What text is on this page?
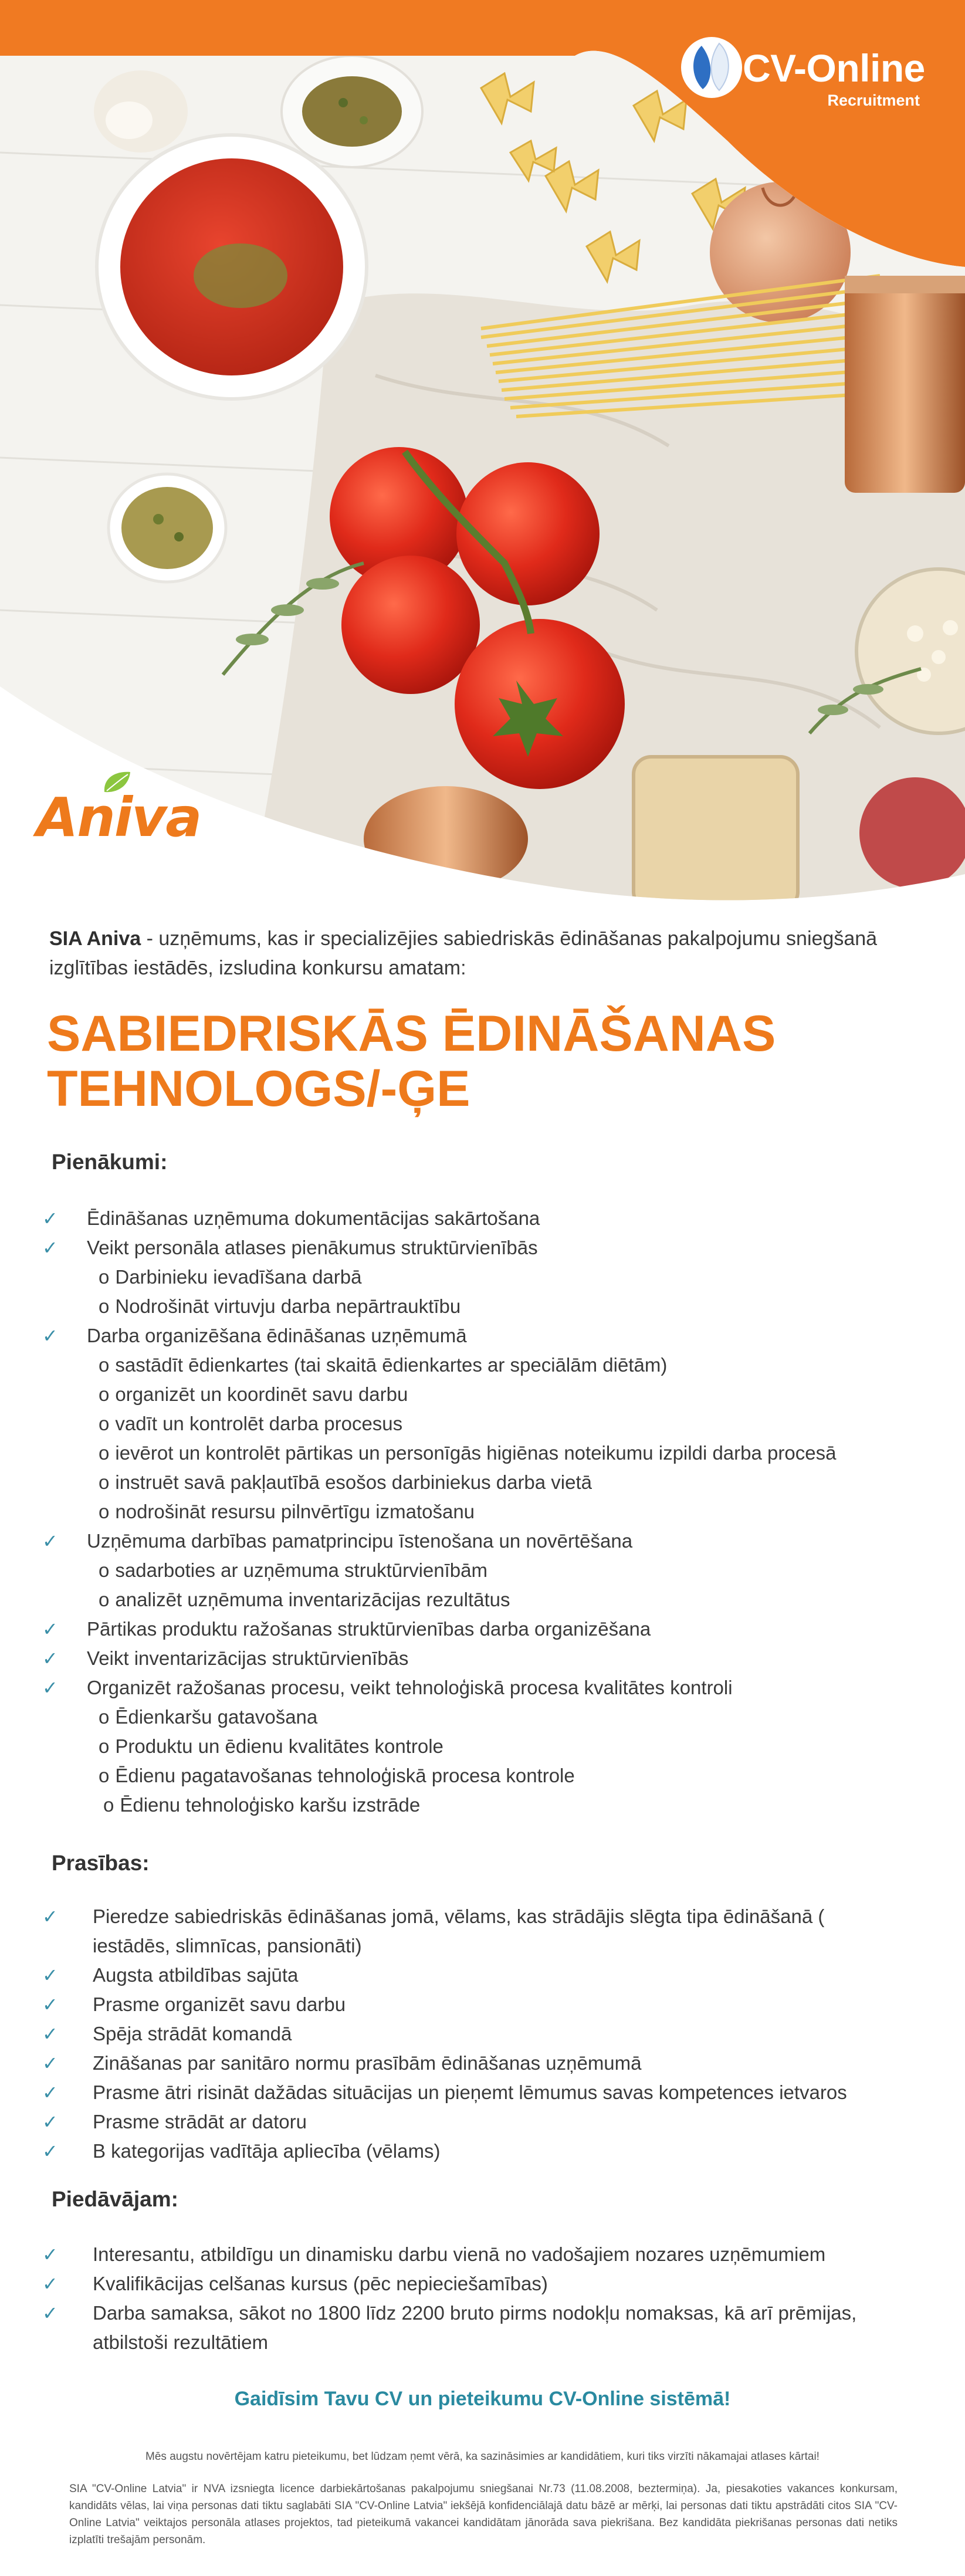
CV-Online
Recruitment
Aniva
SIA Aniva - uzņēmums, kas ir specializējies sabiedriskās ēdināšanas pakalpojumu sniegšanā izglītības iestādēs, izsludina konkursu amatam:
SABIEDRISKĀS ĒDINĀŠANAS
TEHNOLOGS/-ĢE
Pienākumi:
✓	Ēdināšanas uzņēmuma dokumentācijas sakārtošana
✓	Veikt personāla atlases pienākumus struktūrvienībās
o Darbinieku ievadīšana darbā
o Nodrošināt virtuvju darba nepārtrauktību
✓	Darba organizēšana ēdināšanas uzņēmumā
o sastādīt ēdienkartes (tai skaitā ēdienkartes ar speciālām diētām)
o organizēt un koordinēt savu darbu
o vadīt un kontrolēt darba procesus
o ievērot un kontrolēt pārtikas un personīgās higiēnas noteikumu izpildi darba procesā
o instruēt savā pakļautībā esošos darbiniekus darba vietā
o nodrošināt resursu pilnvērtīgu izmatošanu
✓	Uzņēmuma darbības pamatprincipu īstenošana un novērtēšana
o sadarboties ar uzņēmuma struktūrvienībām
o analizēt uzņēmuma inventarizācijas rezultātus
✓	Pārtikas produktu ražošanas struktūrvienības darba organizēšana
✓	Veikt inventarizācijas struktūrvienībās
✓	Organizēt ražošanas procesu, veikt tehnoloģiskā procesa kvalitātes kontroli
o Ēdienkaršu gatavošana
o Produktu un ēdienu kvalitātes kontrole
o Ēdienu pagatavošanas tehnoloģiskā procesa kontrole
o Ēdienu tehnoloģisko karšu izstrāde
Prasības:
✓	Pieredze sabiedriskās ēdināšanas jomā, vēlams, kas strādājis slēgta tipa ēdināšanā (
iestādēs, slimnīcas, pansionāti)
✓	Augsta atbildības sajūta
✓	Prasme organizēt savu darbu
✓	Spēja strādāt komandā
✓	Zināšanas par sanitāro normu prasībām ēdināšanas uzņēmumā
✓	Prasme ātri risināt dažādas situācijas un pieņemt lēmumus savas kompetences ietvaros
✓	Prasme strādāt ar datoru
✓	B kategorijas vadītāja apliecība (vēlams)
Piedāvājam:
✓	Interesantu, atbildīgu un dinamisku darbu vienā no vadošajiem nozares uzņēmumiem
✓	Kvalifikācijas celšanas kursus (pēc nepieciešamības)
✓	Darba samaksa, sākot no 1800 līdz 2200 bruto pirms nodokļu nomaksas, kā arī prēmijas,
atbilstoši rezultātiem
Gaidīsim Tavu CV un pieteikumu CV-Online sistēmā!
Mēs augstu novērtējam katru pieteikumu, bet lūdzam ņemt vērā, ka sazināsimies ar kandidātiem, kuri tiks virzīti nākamajai atlases kārtai!
SIA "CV-Online Latvia" ir NVA izsniegta licence darbiekārtošanas pakalpojumu sniegšanai Nr.73 (11.08.2008, beztermiņa). Ja, piesakoties vakances konkursam, kandidāts vēlas, lai viņa personas dati tiktu saglabāti SIA "CV-Online Latvia" iekšējā konfidenciālajā datu bāzē ar mērķi, lai personas dati tiktu apstrādāti citos SIA "CV-Online Latvia" veiktajos personāla atlases projektos, tad pieteikumā vakancei kandidātam jānorāda sava piekrišana. Bez kandidāta piekrišanas personas dati netiks izplatīti trešajām personām.
